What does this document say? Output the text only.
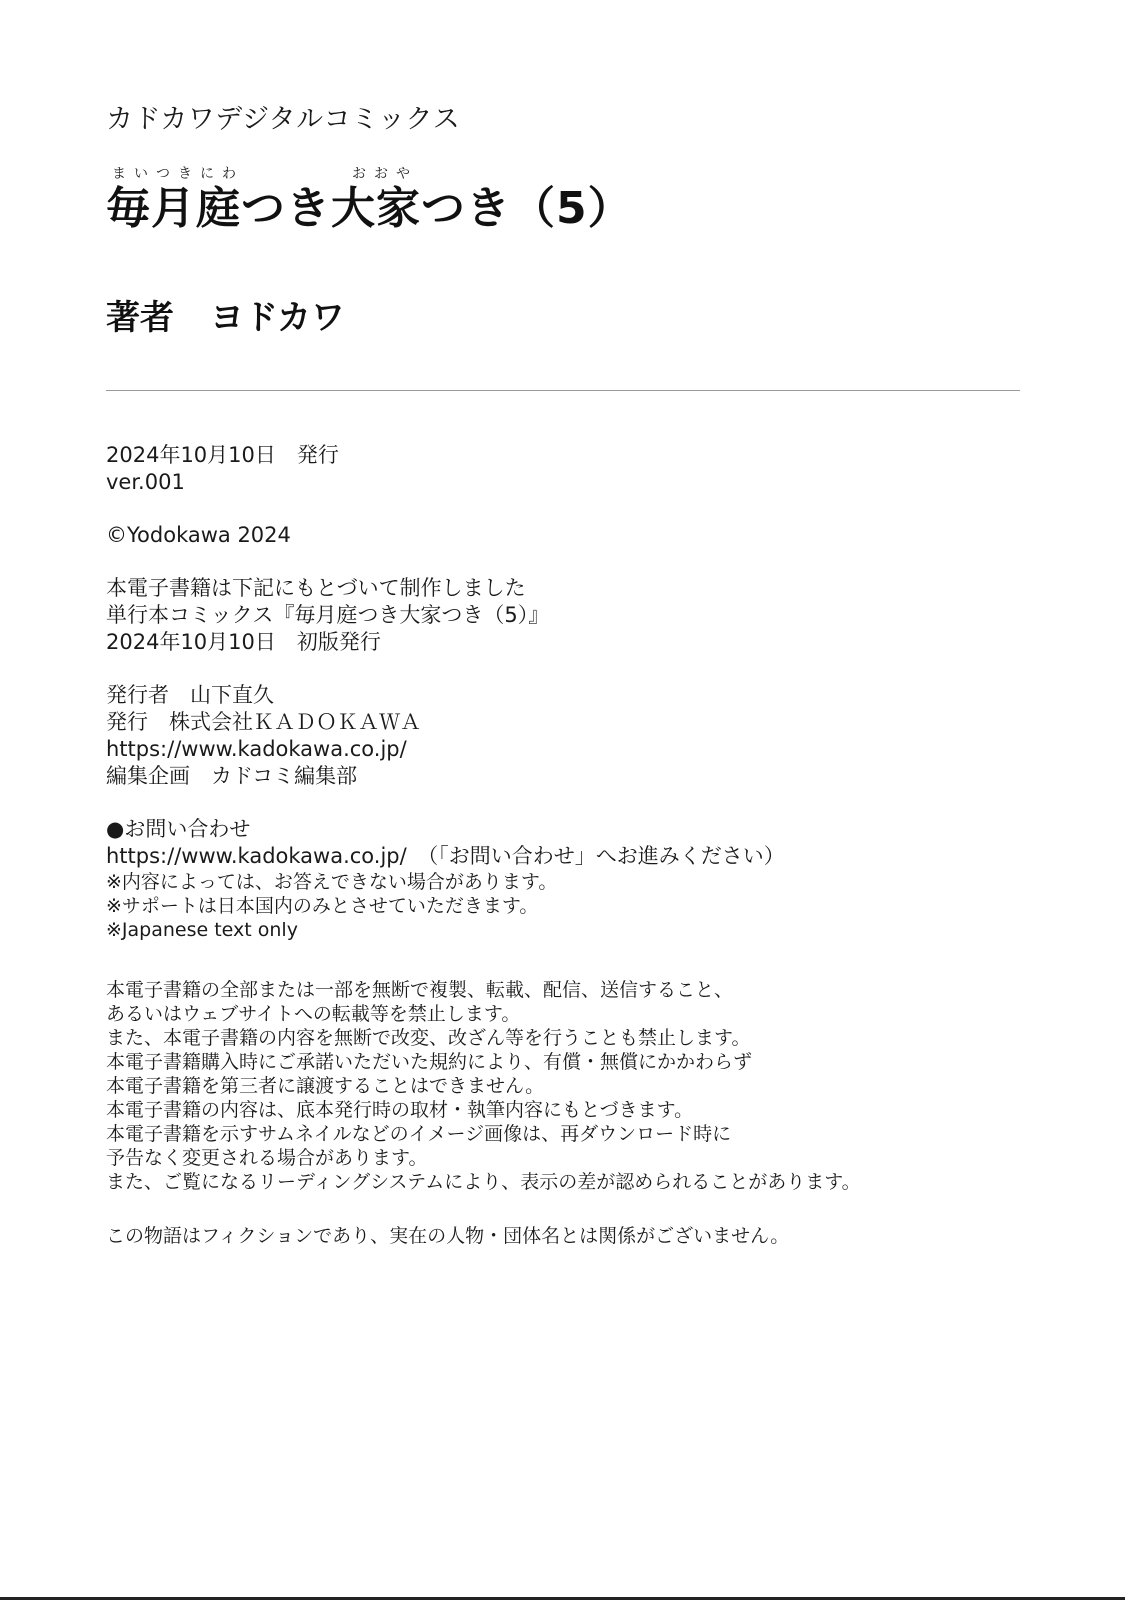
カドカワデジタルコミックス
まいつきにわ	おおや
毎月庭つき大家つき（5）
著者 ヨドカワ
2024年10月10日　発行
ver.001
©Yodokawa 2024
本電子書籍は下記にもとづいて制作しました
単行本コミックス『毎月庭つき大家つき（5）』
2024年10月10日　初版発行
発行者　山下直久
発行　株式会社ＫＡＤＯＫＡＷＡ
https://www.kadokawa.co.jp/
編集企画　カドコミ編集部
●お問い合わせ
https://www.kadokawa.co.jp/　（「お問い合わせ」へお進みください）
※内容によっては、お答えできない場合があります。
※サポートは日本国内のみとさせていただきます。
※Japanese text only
本電子書籍の全部または一部を無断で複製、転載、配信、送信すること、
あるいはウェブサイトへの転載等を禁止します。
また、本電子書籍の内容を無断で改変、改ざん等を行うことも禁止します。
本電子書籍購入時にご承諾いただいた規約により、有償・無償にかかわらず
本電子書籍を第三者に譲渡することはできません。
本電子書籍の内容は、底本発行時の取材・執筆内容にもとづきます。
本電子書籍を示すサムネイルなどのイメージ画像は、再ダウンロード時に
予告なく変更される場合があります。
また、ご覧になるリーディングシステムにより、表示の差が認められることがあります。
この物語はフィクションであり、実在の人物・団体名とは関係がございません。
